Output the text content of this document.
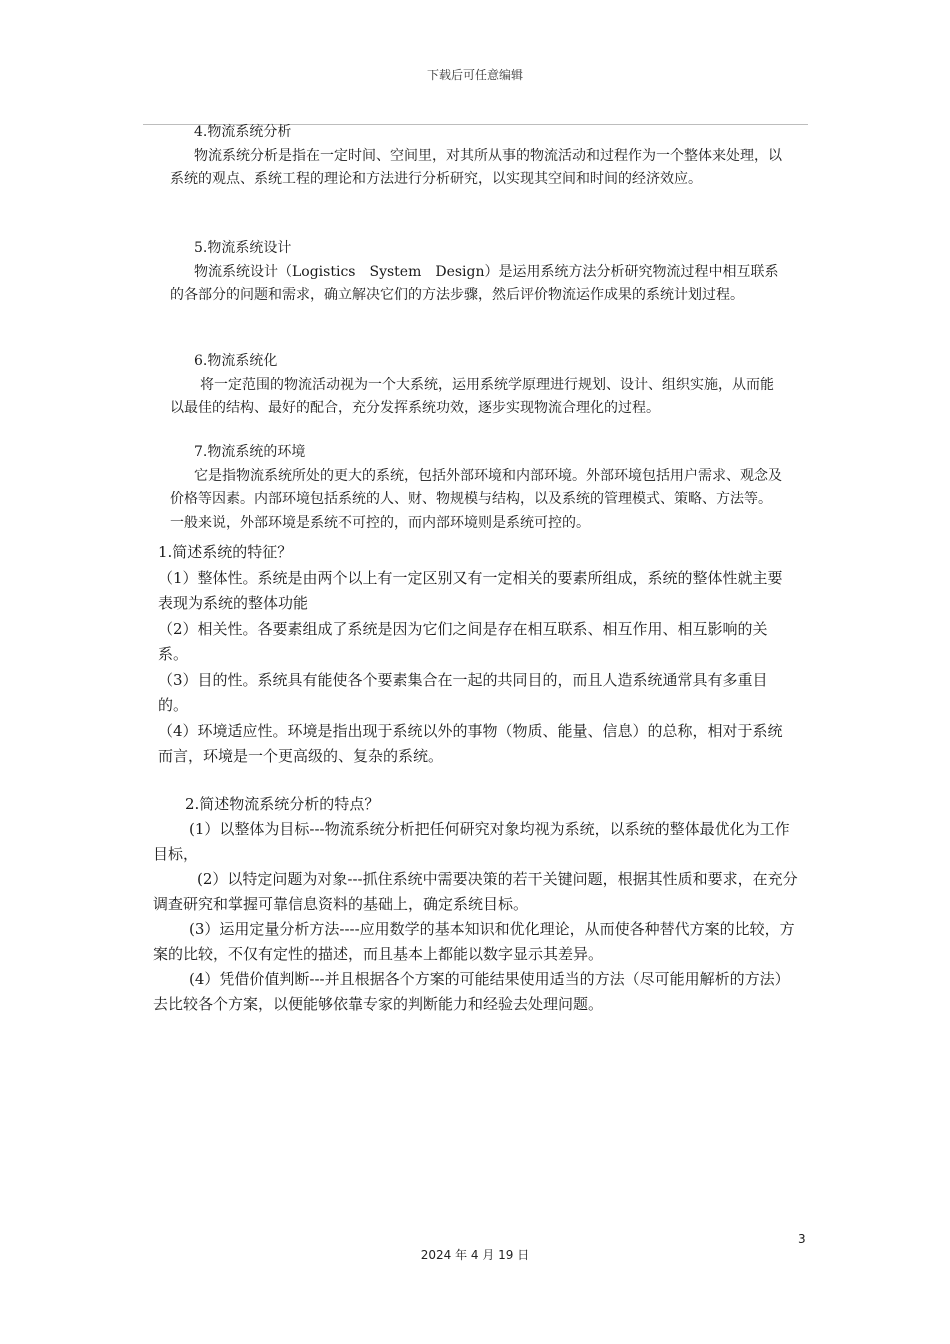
下载后可任意编辑

4.物流系统分析

物流系统分析是指在一定时间、空间里，对其所从事的物流活动和过程作为一个整体来处理，以系统的观点、系统工程的理论和方法进行分析研究，以实现其空间和时间的经济效应。

5.物流系统设计

物流系统设计（Logistics　System　Design）是运用系统方法分析研究物流过程中相互联系的各部分的问题和需求，确立解决它们的方法步骤，然后评价物流运作成果的系统计划过程。

6.物流系统化

将一定范围的物流活动视为一个大系统，运用系统学原理进行规划、设计、组织实施，从而能以最佳的结构、最好的配合，充分发挥系统功效，逐步实现物流合理化的过程。

7.物流系统的环境

它是指物流系统所处的更大的系统，包括外部环境和内部环境。外部环境包括用户需求、观念及价格等因素。内部环境包括系统的人、财、物规模与结构，以及系统的管理模式、策略、方法等。一般来说，外部环境是系统不可控的，而内部环境则是系统可控的。

1.简述系统的特征？

（1）整体性。系统是由两个以上有一定区别又有一定相关的要素所组成，系统的整体性就主要表现为系统的整体功能

（2）相关性。各要素组成了系统是因为它们之间是存在相互联系、相互作用、相互影响的关系。

（3）目的性。系统具有能使各个要素集合在一起的共同目的，而且人造系统通常具有多重目的。

（4）环境适应性。环境是指出现于系统以外的事物（物质、能量、信息）的总称，相对于系统而言，环境是一个更高级的、复杂的系统。

2.简述物流系统分析的特点？

(1）以整体为目标---物流系统分析把任何研究对象均视为系统，以系统的整体最优化为工作目标，

(2）以特定问题为对象---抓住系统中需要决策的若干关键问题，根据其性质和要求，在充分调查研究和掌握可靠信息资料的基础上，确定系统目标。

(3）运用定量分析方法----应用数学的基本知识和优化理论，从而使各种替代方案的比较，方案的比较，不仅有定性的描述，而且基本上都能以数字显示其差异。

(4）凭借价值判断---并且根据各个方案的可能结果使用适当的方法（尽可能用解析的方法）去比较各个方案，以便能够依靠专家的判断能力和经验去处理问题。

3
2024 年 4 月 19 日
